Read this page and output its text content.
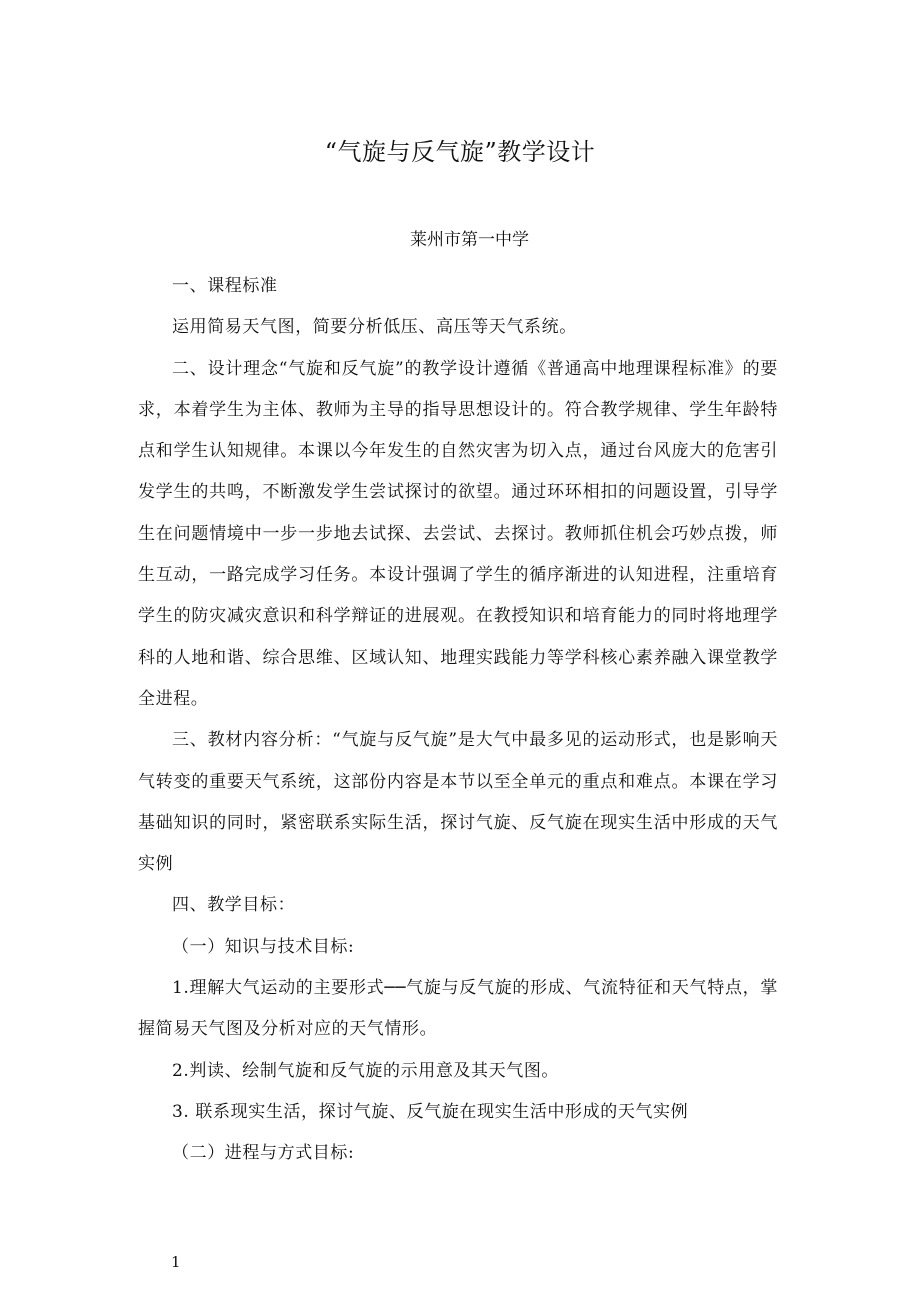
“气旋与反气旋”教学设计
莱州市第一中学

一、课程标准

运用简易天气图，简要分析低压、高压等天气系统。

二、设计理念“气旋和反气旋”的教学设计遵循《普通高中地理课程标准》的要求，本着学生为主体、教师为主导的指导思想设计的。符合教学规律、学生年龄特点和学生认知规律。本课以今年发生的自然灾害为切入点，通过台风庞大的危害引发学生的共鸣，不断激发学生尝试探讨的欲望。通过环环相扣的问题设置，引导学生在问题情境中一步一步地去试探、去尝试、去探讨。教师抓住机会巧妙点拨，师生互动，一路完成学习任务。本设计强调了学生的循序渐进的认知进程，注重培育学生的防灾减灾意识和科学辩证的进展观。在教授知识和培育能力的同时将地理学科的人地和谐、综合思维、区域认知、地理实践能力等学科核心素养融入课堂教学全进程。

三、教材内容分析：“气旋与反气旋”是大气中最多见的运动形式，也是影响天气转变的重要天气系统，这部份内容是本节以至全单元的重点和难点。本课在学习基础知识的同时，紧密联系实际生活，探讨气旋、反气旋在现实生活中形成的天气实例

四、教学目标：

（一）知识与技术目标:

1.理解大气运动的主要形式──气旋与反气旋的形成、气流特征和天气特点，掌握简易天气图及分析对应的天气情形。

2.判读、绘制气旋和反气旋的示用意及其天气图。

3. 联系现实生活，探讨气旋、反气旋在现实生活中形成的天气实例

（二）进程与方式目标:

1
